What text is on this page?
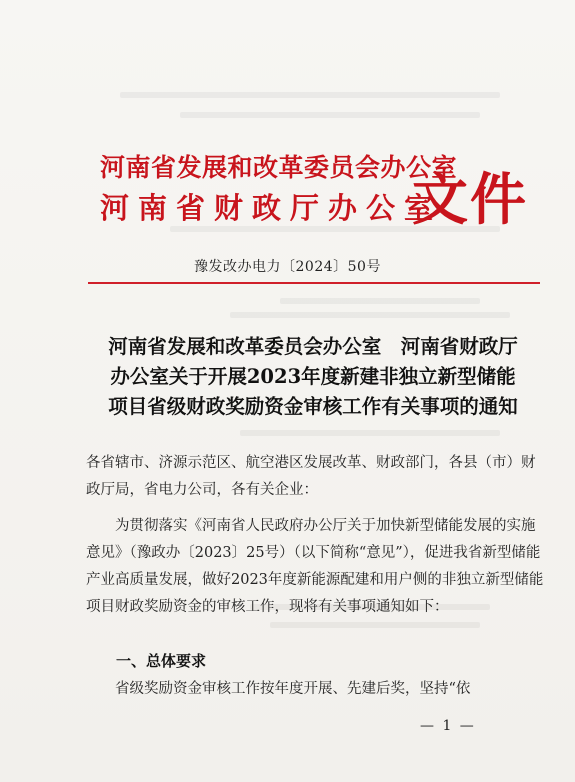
河南省发展和改革委员会办公室
河南省财政厅办公室
文件
豫发改办电力〔2024〕50号
河南省发展和改革委员会办公室　河南省财政厅
办公室关于开展2023年度新建非独立新型储能
项目省级财政奖励资金审核工作有关事项的通知
各省辖市、济源示范区、航空港区发展改革、财政部门，各县（市）财政厅局，省电力公司，各有关企业：

为贯彻落实《河南省人民政府办公厅关于加快新型储能发展的实施意见》（豫政办〔2023〕25号）（以下简称“意见”），促进我省新型储能产业高质量发展，做好2023年度新能源配建和用户侧的非独立新型储能项目财政奖励资金的审核工作，现将有关事项通知如下：

一、总体要求
省级奖励资金审核工作按年度开展、先建后奖，坚持“依
— 1 —
